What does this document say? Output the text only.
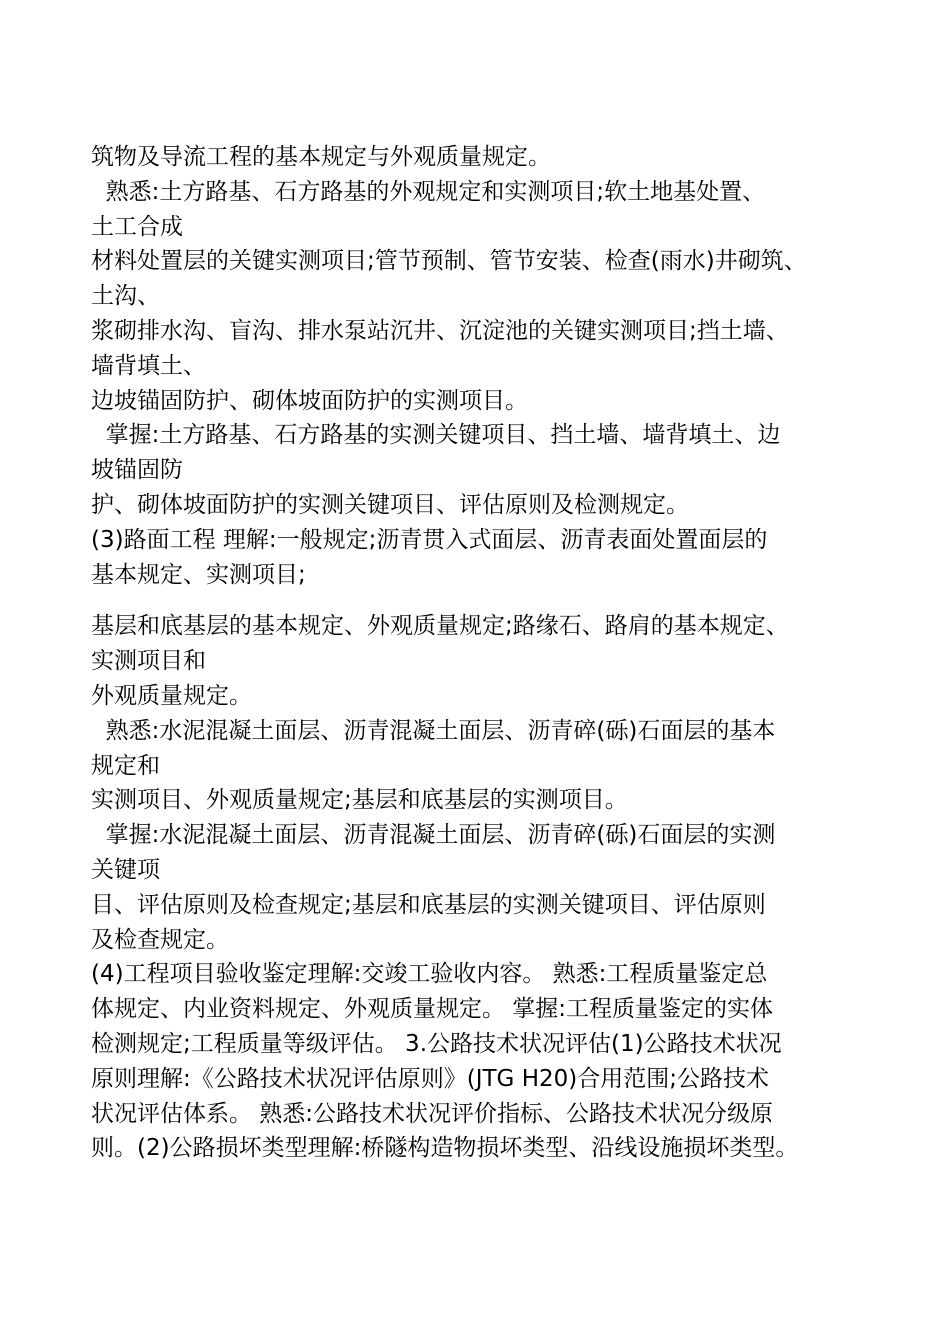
筑物及导流工程的基本规定与外观质量规定。
熟悉:土方路基、石方路基的外观规定和实测项目;软土地基处置、
土工合成
材料处置层的关键实测项目;管节预制、管节安装、检查(雨水)井砌筑、
土沟、
浆砌排水沟、盲沟、排水泵站沉井、沉淀池的关键实测项目;挡土墙、
墙背填土、
边坡锚固防护、砌体坡面防护的实测项目。
掌握:土方路基、石方路基的实测关键项目、挡土墙、墙背填土、边
坡锚固防
护、砌体坡面防护的实测关键项目、评估原则及检测规定。
(3)路面工程 理解:一般规定;沥青贯入式面层、沥青表面处置面层的
基本规定、实测项目;
基层和底基层的基本规定、外观质量规定;路缘石、路肩的基本规定、
实测项目和
外观质量规定。
熟悉:水泥混凝土面层、沥青混凝土面层、沥青碎(砾)石面层的基本
规定和
实测项目、外观质量规定;基层和底基层的实测项目。
掌握:水泥混凝土面层、沥青混凝土面层、沥青碎(砾)石面层的实测
关键项
目、评估原则及检查规定;基层和底基层的实测关键项目、评估原则
及检查规定。
(4)工程项目验收鉴定理解:交竣工验收内容。 熟悉:工程质量鉴定总
体规定、内业资料规定、外观质量规定。 掌握:工程质量鉴定的实体
检测规定;工程质量等级评估。 3.公路技术状况评估(1)公路技术状况
原则理解:《公路技术状况评估原则》(JTG H20)合用范围;公路技术
状况评估体系。 熟悉:公路技术状况评价指标、公路技术状况分级原
则。(2)公路损坏类型理解:桥隧构造物损坏类型、沿线设施损坏类型。
